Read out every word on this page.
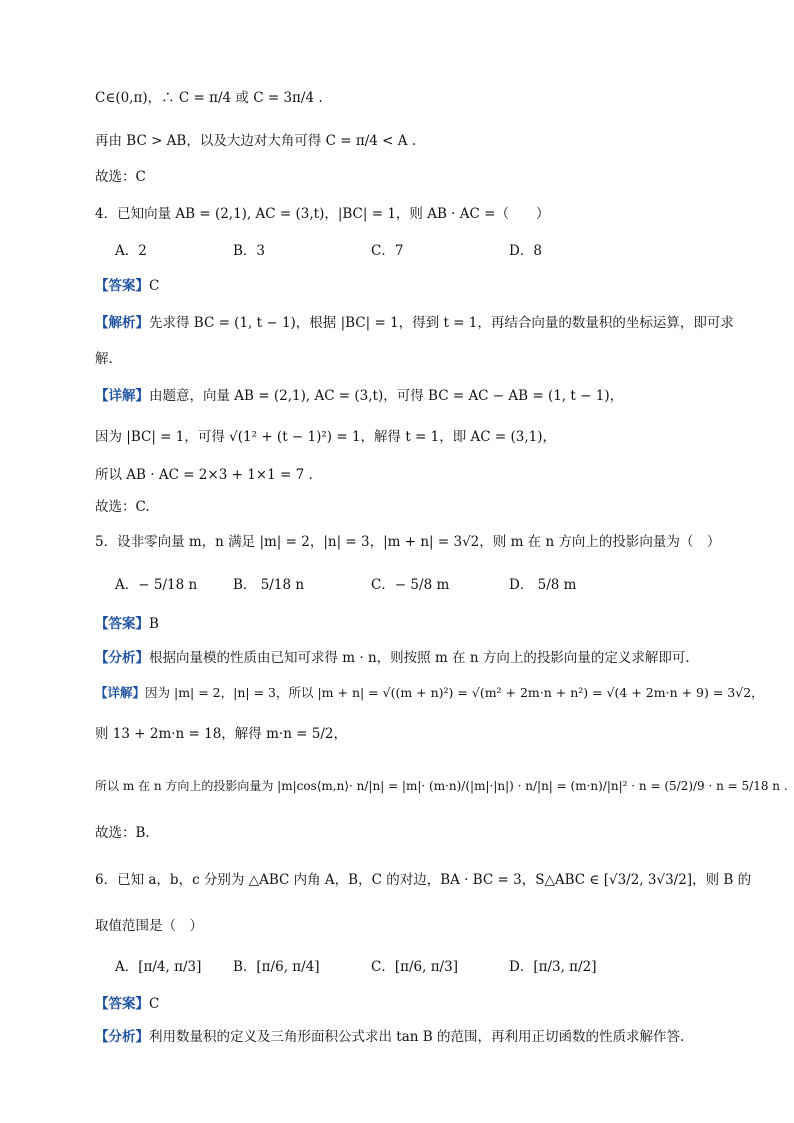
C∈(0,π)，∴ C = π/4 或 C = 3π/4 .
再由 BC > AB，以及大边对大角可得 C = π/4 < A .
故选：C
4．已知向量 AB = (2,1), AC = (3,t)，|BC| = 1，则 AB · AC =（　　）
A．2	B．3	C．7	D．8
【答案】C
【解析】先求得 BC = (1, t − 1)，根据 |BC| = 1，得到 t = 1，再结合向量的数量积的坐标运算，即可求
解.
【详解】由题意，向量 AB = (2,1), AC = (3,t)，可得 BC = AC − AB = (1, t − 1)，
因为 |BC| = 1，可得 √(1² + (t − 1)²) = 1，解得 t = 1，即 AC = (3,1)，
所以 AB · AC = 2×3 + 1×1 = 7 .
故选：C.
5．设非零向量 m，n 满足 |m| = 2，|n| = 3，|m + n| = 3√2，则 m 在 n 方向上的投影向量为（　）
A．− 5/18 n	B． 5/18 n	C．− 5/8 m	D． 5/8 m
【答案】B
【分析】根据向量模的性质由已知可求得 m · n，则按照 m 在 n 方向上的投影向量的定义求解即可.
【详解】因为 |m| = 2，|n| = 3，所以 |m + n| = √((m + n)²) = √(m² + 2m·n + n²) = √(4 + 2m·n + 9) = 3√2，
则 13 + 2m·n = 18，解得 m·n = 5/2，
所以 m 在 n 方向上的投影向量为 |m|cos⟨m,n⟩· n/|n| = |m|· (m·n)/(|m|·|n|) · n/|n| = (m·n)/|n|² · n = (5/2)/9 · n = 5/18 n .
故选：B.
6．已知 a，b，c 分别为 △ABC 内角 A，B，C 的对边，BA · BC = 3，S△ABC ∈ [√3/2, 3√3/2]，则 B 的
取值范围是（　）
A．[π/4, π/3] B．[π/6, π/4]	C．[π/6, π/3]	D．[π/3, π/2]
【答案】C
【分析】利用数量积的定义及三角形面积公式求出 tan B 的范围，再利用正切函数的性质求解作答.
